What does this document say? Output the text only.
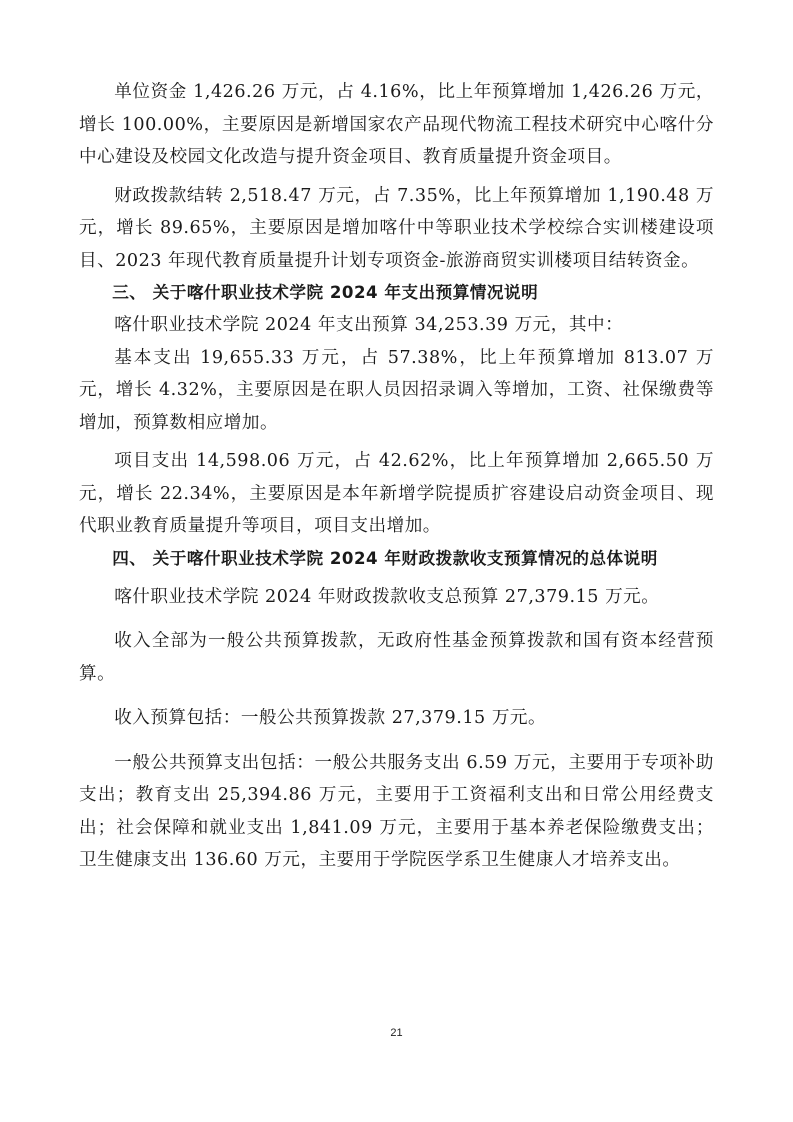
单位资金 1,426.26 万元，占 4.16%，比上年预算增加 1,426.26 万元，增长 100.00%，主要原因是新增国家农产品现代物流工程技术研究中心喀什分中心建设及校园文化改造与提升资金项目、教育质量提升资金项目。

财政拨款结转 2,518.47 万元，占 7.35%，比上年预算增加 1,190.48 万元，增长 89.65%，主要原因是增加喀什中等职业技术学校综合实训楼建设项目、2023 年现代教育质量提升计划专项资金-旅游商贸实训楼项目结转资金。

三、 关于喀什职业技术学院 2024 年支出预算情况说明

喀什职业技术学院 2024 年支出预算 34,253.39 万元，其中：

基本支出 19,655.33 万元，占 57.38%，比上年预算增加 813.07 万元，增长 4.32%，主要原因是在职人员因招录调入等增加，工资、社保缴费等增加，预算数相应增加。

项目支出 14,598.06 万元，占 42.62%，比上年预算增加 2,665.50 万元，增长 22.34%，主要原因是本年新增学院提质扩容建设启动资金项目、现代职业教育质量提升等项目，项目支出增加。

四、 关于喀什职业技术学院 2024 年财政拨款收支预算情况的总体说明

喀什职业技术学院 2024 年财政拨款收支总预算 27,379.15 万元。

收入全部为一般公共预算拨款，无政府性基金预算拨款和国有资本经营预算。

收入预算包括：一般公共预算拨款 27,379.15 万元。

一般公共预算支出包括：一般公共服务支出 6.59 万元，主要用于专项补助支出；教育支出 25,394.86 万元，主要用于工资福利支出和日常公用经费支出；社会保障和就业支出 1,841.09 万元，主要用于基本养老保险缴费支出；卫生健康支出 136.60 万元，主要用于学院医学系卫生健康人才培养支出。

21
